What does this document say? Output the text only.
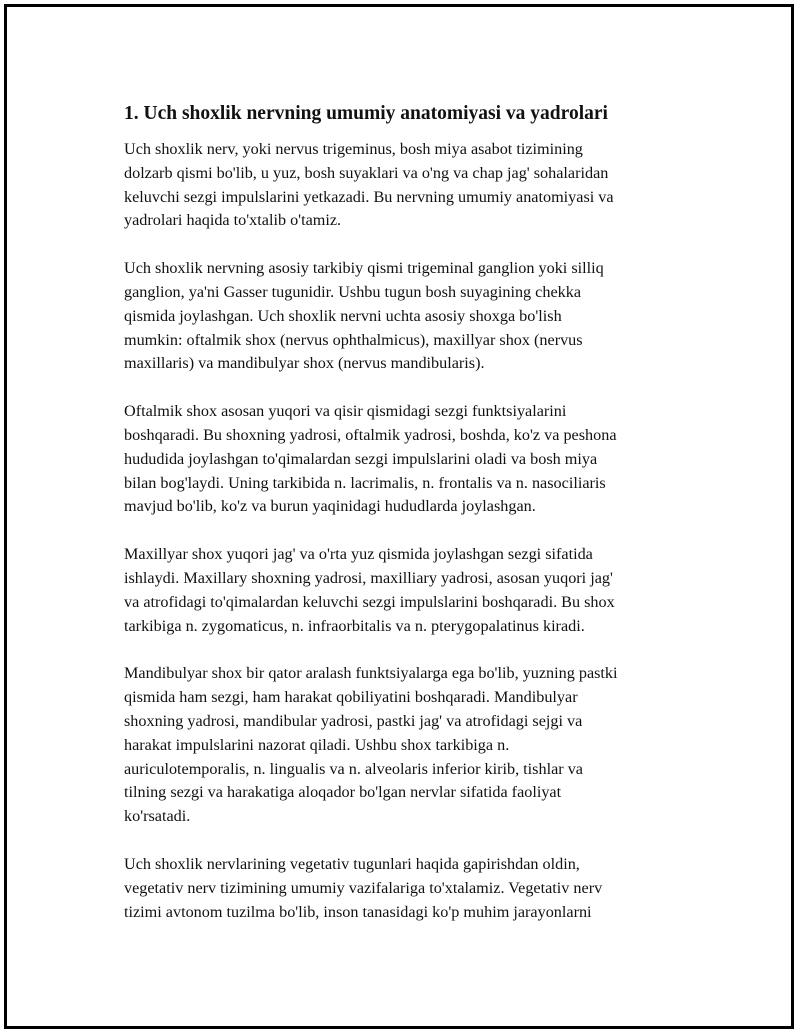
1. Uch shoxlik nervning umumiy anatomiyasi va yadrolari
Uch shoxlik nerv, yoki nervus trigeminus, bosh miya asabot tizimining
dolzarb qismi bo'lib, u yuz, bosh suyaklari va o'ng va chap jag' sohalaridan
keluvchi sezgi impulslarini yetkazadi. Bu nervning umumiy anatomiyasi va
yadrolari haqida to'xtalib o'tamiz.
Uch shoxlik nervning asosiy tarkibiy qismi trigeminal ganglion yoki silliq
ganglion, ya'ni Gasser tugunidir. Ushbu tugun bosh suyagining chekka
qismida joylashgan. Uch shoxlik nervni uchta asosiy shoxga bo'lish
mumkin: oftalmik shox (nervus ophthalmicus), maxillyar shox (nervus
maxillaris) va mandibulyar shox (nervus mandibularis).
Oftalmik shox asosan yuqori va qisir qismidagi sezgi funktsiyalarini
boshqaradi. Bu shoxning yadrosi, oftalmik yadrosi, boshda, ko'z va peshona
hududida joylashgan to'qimalardan sezgi impulslarini oladi va bosh miya
bilan bog'laydi. Uning tarkibida n. lacrimalis, n. frontalis va n. nasociliaris
mavjud bo'lib, ko'z va burun yaqinidagi hududlarda joylashgan.
Maxillyar shox yuqori jag' va o'rta yuz qismida joylashgan sezgi sifatida
ishlaydi. Maxillary shoxning yadrosi, maxilliary yadrosi, asosan yuqori jag'
va atrofidagi to'qimalardan keluvchi sezgi impulslarini boshqaradi. Bu shox
tarkibiga n. zygomaticus, n. infraorbitalis va n. pterygopalatinus kiradi.
Mandibulyar shox bir qator aralash funktsiyalarga ega bo'lib, yuzning pastki
qismida ham sezgi, ham harakat qobiliyatini boshqaradi. Mandibulyar
shoxning yadrosi, mandibular yadrosi, pastki jag' va atrofidagi sejgi va
harakat impulslarini nazorat qiladi. Ushbu shox tarkibiga n.
auriculotemporalis, n. lingualis va n. alveolaris inferior kirib, tishlar va
tilning sezgi va harakatiga aloqador bo'lgan nervlar sifatida faoliyat
ko'rsatadi.
Uch shoxlik nervlarining vegetativ tugunlari haqida gapirishdan oldin,
vegetativ nerv tizimining umumiy vazifalariga to'xtalamiz. Vegetativ nerv
tizimi avtonom tuzilma bo'lib, inson tanasidagi ko'p muhim jarayonlarni
